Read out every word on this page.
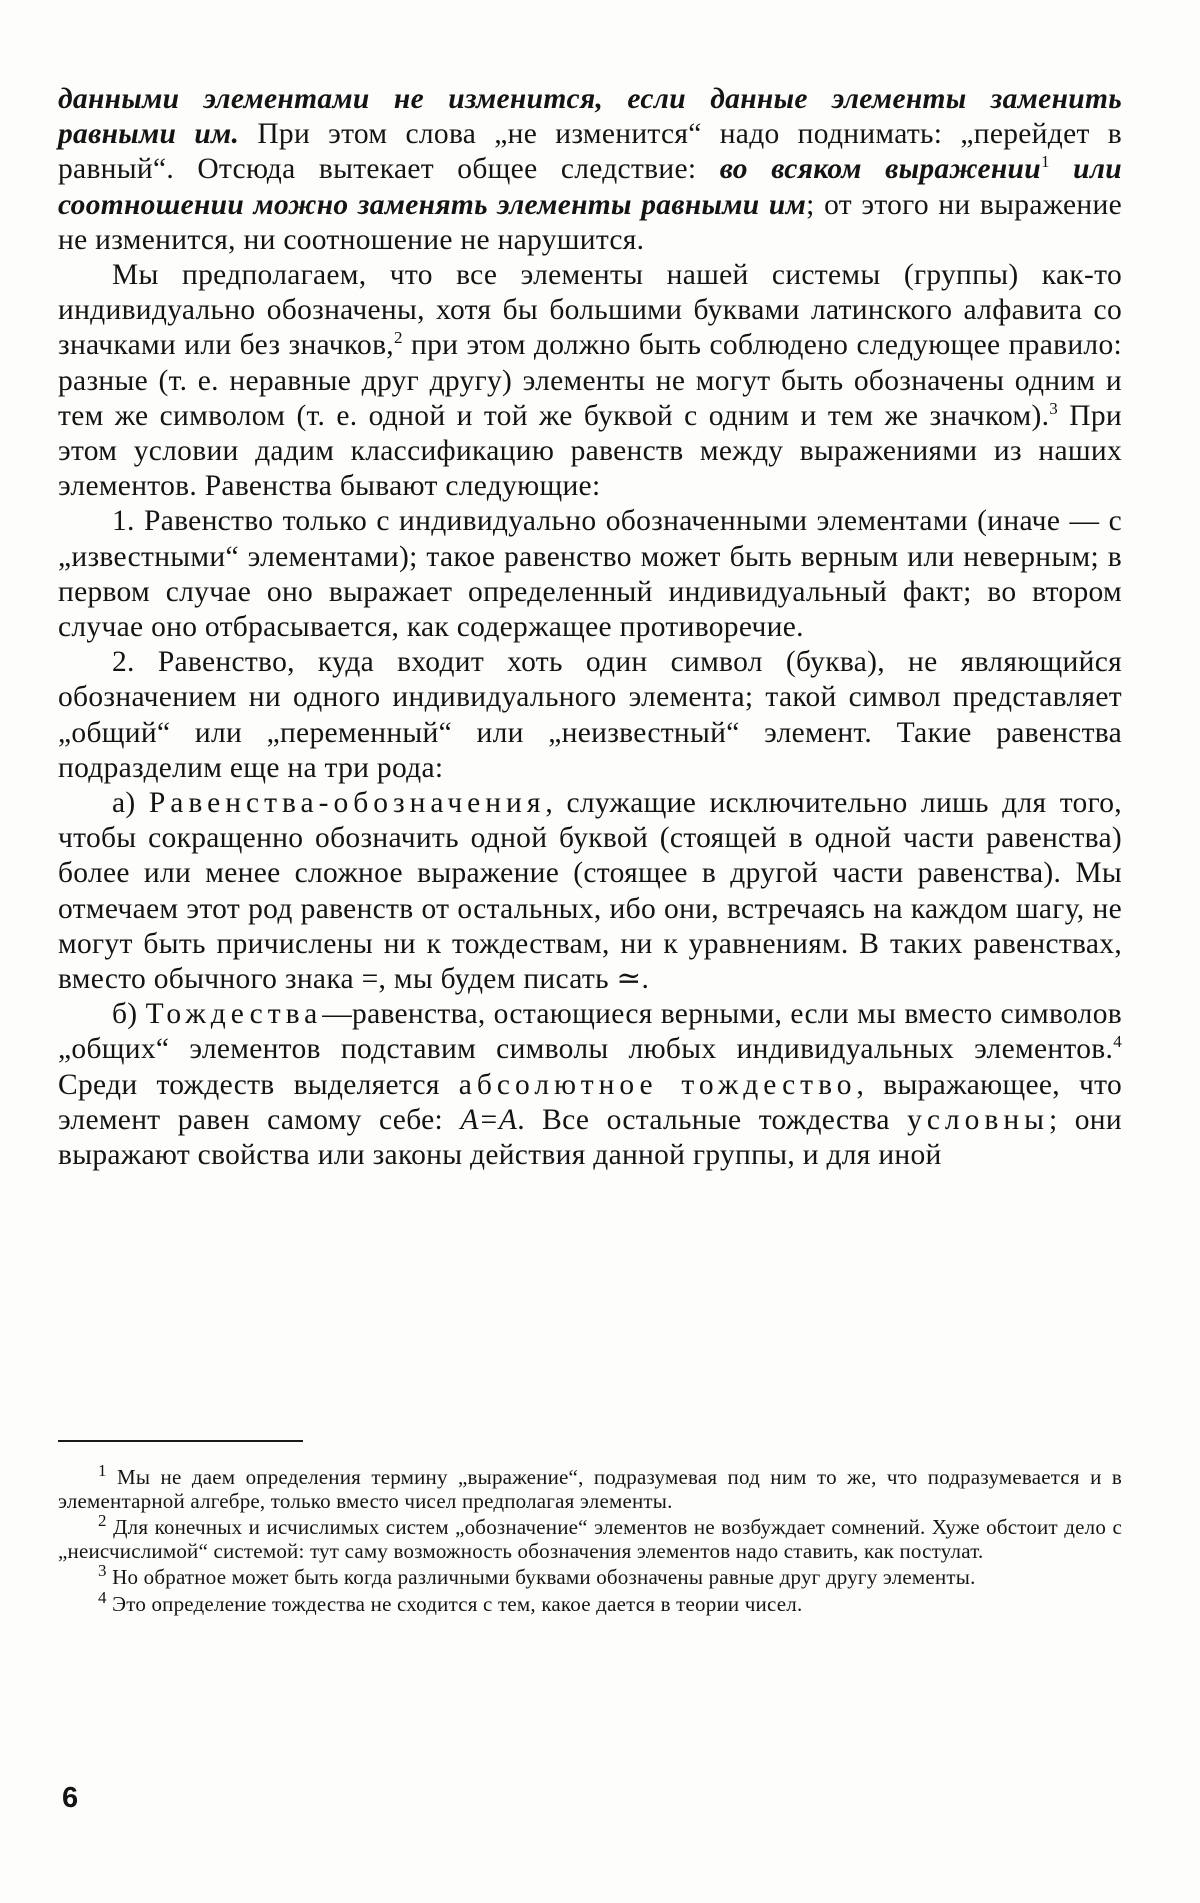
данными элементами не изменится, если данные элементы заменить равными им. При этом слова „не изменится“ надо поднимать: „перейдет в равный“. Отсюда вытекает общее следствие: во всяком выражении$^1$ или соотношении можно заменять элементы равными им; от этого ни выражение не изменится, ни соотношение не нарушится.

Мы предполагаем, что все элементы нашей системы (группы) как-то индивидуально обозначены, хотя бы большими буквами латинского алфавита со значками или без значков,$^2$ при этом должно быть соблюдено следующее правило: разные (т. е. неравные друг другу) элементы не могут быть обозначены одним и тем же символом (т. е. одной и той же буквой с одним и тем же значком).$^3$ При этом условии дадим классификацию равенств между выражениями из наших элементов. Равенства бывают следующие:

1. Равенство только с индивидуально обозначенными элементами (иначе — с „известными“ элементами); такое равенство может быть верным или неверным; в первом случае оно выражает определенный индивидуальный факт; во втором случае оно отбрасывается, как содержащее противоречие.

2. Равенство, куда входит хоть один символ (буква), не являющийся обозначением ни одного индивидуального элемента; такой символ представляет „общий“ или „переменный“ или „неизвестный“ элемент. Такие равенства подразделим еще на три рода:

а) Равенства-обозначения, служащие исключительно лишь для того, чтобы сокращенно обозначить одной буквой (стоящей в одной части равенства) более или менее сложное выражение (стоящее в другой части равенства). Мы отмечаем этот род равенств от остальных, ибо они, встречаясь на каждом шагу, не могут быть причислены ни к тождествам, ни к уравнениям. В таких равенствах, вместо обычного знака =, мы будем писать ≃.

б) Тождества—равенства, остающиеся верными, если мы вместо символов „общих“ элементов подставим символы любых индивидуальных элементов.$^4$ Среди тождеств выделяется абсолютное тождество, выражающее, что элемент равен самому себе: A=A. Все остальные тождества условны; они выражают свойства или законы действия данной группы, и для иной

$^1$ Мы не даем определения термину „выражение“, подразумевая под ним то же, что подразумевается и в элементарной алгебре, только вместо чисел предполагая элементы.

$^2$ Для конечных и исчислимых систем „обозначение“ элементов не возбуждает сомнений. Хуже обстоит дело с „неисчислимой“ системой: тут саму возможность обозначения элементов надо ставить, как постулат.

$^3$ Но обратное может быть когда различными буквами обозначены равные друг другу элементы.

$^4$ Это определение тождества не сходится с тем, какое дается в теории чисел.

6
